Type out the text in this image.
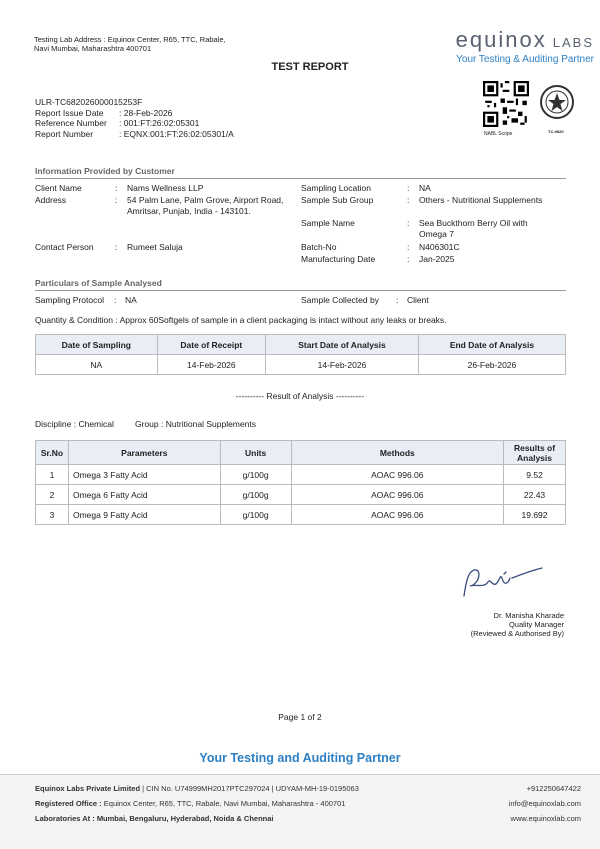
Testing Lab Address : Equinox Center, R65, TTC, Rabale, Navi Mumbai, Maharashtra 400701	equinox LABS
Your Testing & Auditing Partner
TEST REPORT
NABL Scope	TC-9820
ULR-TC682026000015253F
Report Issue Date	: 28-Feb-2026
Reference Number	: 001:FT:26:02:05301
Report Number	: EQNX:001:FT:26:02:05301/A
Information Provided by Customer
Client Name	: Nams Wellness LLP
Address	: 54 Palm Lane, Palm Grove, Airport Road,
Amritsar, Punjab, India - 143101.
Contact Person	: Rumeet Saluja
Sampling Location	: NA
Sample Sub Group	: Others - Nutritional Supplements
Sample Name	: Sea Buckthorn Berry Oil with
Omega 7
Batch-No	: N406301C
Manufacturing Date	: Jan-2025
Particulars of Sample Analysed
Sampling Protocol : NA	Sample Collected by : Client
Quantity & Condition : Approx 60Softgels of sample in a client packaging is intact without any leaks or breaks.
Date of Sampling	Date of Receipt	Start Date of Analysis	End Date of Analysis
NA	14-Feb-2026	14-Feb-2026	26-Feb-2026
---------- Result of Analysis ----------
Discipline : Chemical Group : Nutritional Supplements
Sr.No	Parameters	Units	Methods	Results of Analysis
1	Omega 3 Fatty Acid	g/100g	AOAC 996.06	9.52
2	Omega 6 Fatty Acid	g/100g	AOAC 996.06	22.43
3	Omega 9 Fatty Acid	g/100g	AOAC 996.06	19.692
Dr. Manisha Kharade
Quality Manager
(Reviewed & Authorised By)
Page 1 of 2
Your Testing and Auditing Partner
Equinox Labs Private Limited | CIN No. U74999MH2017PTC297024 | UDYAM-MH-19-0195063	+912250647422
Registered Office : Equinox Center, R65, TTC, Rabale, Navi Mumbai, Maharashtra - 400701	info@equinoxlab.com
Laboratories At : Mumbai, Bengaluru, Hyderabad, Noida & Chennai	www.equinoxlab.com
